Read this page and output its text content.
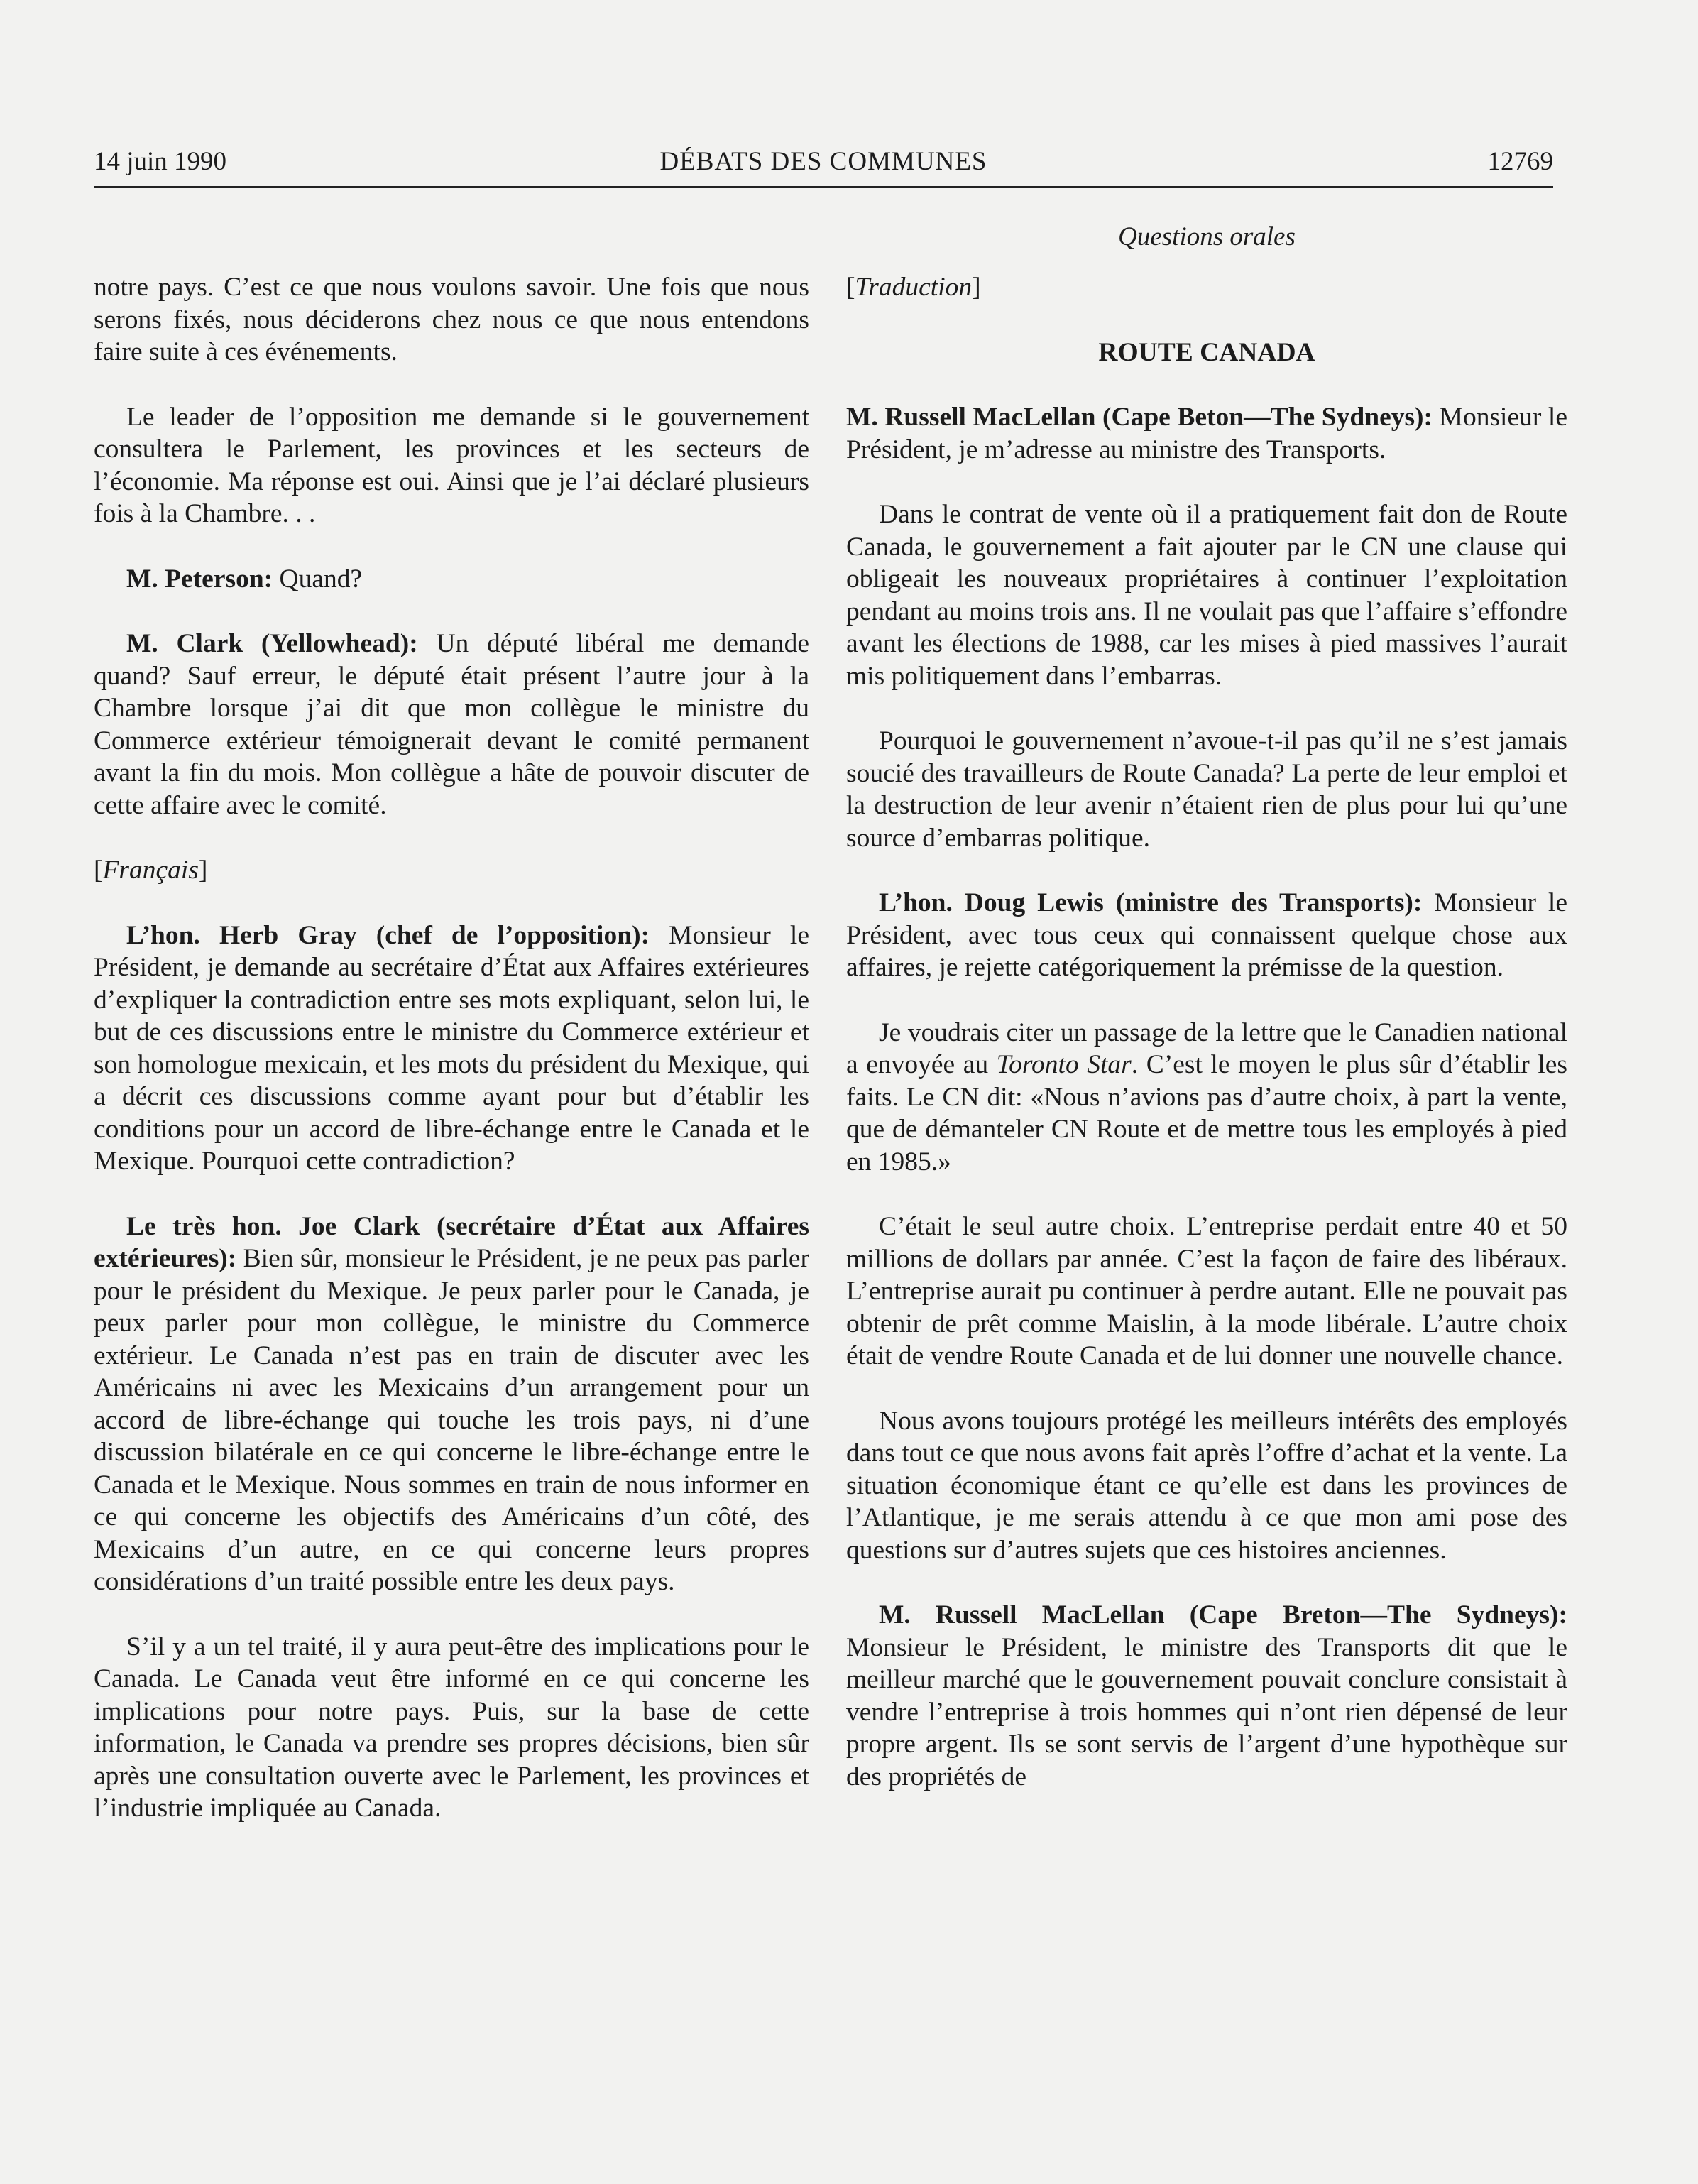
14 juin 1990	DÉBATS DES COMMUNES	12769
Questions orales

notre pays. C’est ce que nous voulons savoir. Une fois que nous serons fixés, nous déciderons chez nous ce que nous entendons faire suite à ces événements.

Le leader de l’opposition me demande si le gouvernement consultera le Parlement, les provinces et les secteurs de l’économie. Ma réponse est oui. Ainsi que je l’ai déclaré plusieurs fois à la Chambre. . .

M. Peterson: Quand?

M. Clark (Yellowhead): Un député libéral me demande quand? Sauf erreur, le député était présent l’autre jour à la Chambre lorsque j’ai dit que mon collègue le ministre du Commerce extérieur témoignerait devant le comité permanent avant la fin du mois. Mon collègue a hâte de pouvoir discuter de cette affaire avec le comité.

[Français]

L’hon. Herb Gray (chef de l’opposition): Monsieur le Président, je demande au secrétaire d’État aux Affaires extérieures d’expliquer la contradiction entre ses mots expliquant, selon lui, le but de ces discussions entre le ministre du Commerce extérieur et son homologue mexicain, et les mots du président du Mexique, qui a décrit ces discussions comme ayant pour but d’établir les conditions pour un accord de libre-échange entre le Canada et le Mexique. Pourquoi cette contradiction?

Le très hon. Joe Clark (secrétaire d’État aux Affaires extérieures): Bien sûr, monsieur le Président, je ne peux pas parler pour le président du Mexique. Je peux parler pour le Canada, je peux parler pour mon collègue, le ministre du Commerce extérieur. Le Canada n’est pas en train de discuter avec les Américains ni avec les Mexicains d’un arrangement pour un accord de libre-échange qui touche les trois pays, ni d’une discussion bilatérale en ce qui concerne le libre-échange entre le Canada et le Mexique. Nous sommes en train de nous informer en ce qui concerne les objectifs des Américains d’un côté, des Mexicains d’un autre, en ce qui concerne leurs propres considérations d’un traité possible entre les deux pays.

S’il y a un tel traité, il y aura peut-être des implications pour le Canada. Le Canada veut être informé en ce qui concerne les implications pour notre pays. Puis, sur la base de cette information, le Canada va prendre ses propres décisions, bien sûr après une consultation ouverte avec le Parlement, les provinces et l’industrie impliquée au Canada.

[Traduction]

ROUTE CANADA

M. Russell MacLellan (Cape Beton—The Sydneys): Monsieur le Président, je m’adresse au ministre des Transports.

Dans le contrat de vente où il a pratiquement fait don de Route Canada, le gouvernement a fait ajouter par le CN une clause qui obligeait les nouveaux propriétaires à continuer l’exploitation pendant au moins trois ans. Il ne voulait pas que l’affaire s’effondre avant les élections de 1988, car les mises à pied massives l’aurait mis politiquement dans l’embarras.

Pourquoi le gouvernement n’avoue-t-il pas qu’il ne s’est jamais soucié des travailleurs de Route Canada? La perte de leur emploi et la destruction de leur avenir n’étaient rien de plus pour lui qu’une source d’embarras politique.

L’hon. Doug Lewis (ministre des Transports): Monsieur le Président, avec tous ceux qui connaissent quelque chose aux affaires, je rejette catégoriquement la prémisse de la question.

Je voudrais citer un passage de la lettre que le Canadien national a envoyée au Toronto Star. C’est le moyen le plus sûr d’établir les faits. Le CN dit: «Nous n’avions pas d’autre choix, à part la vente, que de démanteler CN Route et de mettre tous les employés à pied en 1985.»

C’était le seul autre choix. L’entreprise perdait entre 40 et 50 millions de dollars par année. C’est la façon de faire des libéraux. L’entreprise aurait pu continuer à perdre autant. Elle ne pouvait pas obtenir de prêt comme Maislin, à la mode libérale. L’autre choix était de vendre Route Canada et de lui donner une nouvelle chance.

Nous avons toujours protégé les meilleurs intérêts des employés dans tout ce que nous avons fait après l’offre d’achat et la vente. La situation économique étant ce qu’elle est dans les provinces de l’Atlantique, je me serais attendu à ce que mon ami pose des questions sur d’autres sujets que ces histoires anciennes.

M. Russell MacLellan (Cape Breton—The Sydneys): Monsieur le Président, le ministre des Transports dit que le meilleur marché que le gouvernement pouvait conclure consistait à vendre l’entreprise à trois hommes qui n’ont rien dépensé de leur propre argent. Ils se sont servis de l’argent d’une hypothèque sur des propriétés de
